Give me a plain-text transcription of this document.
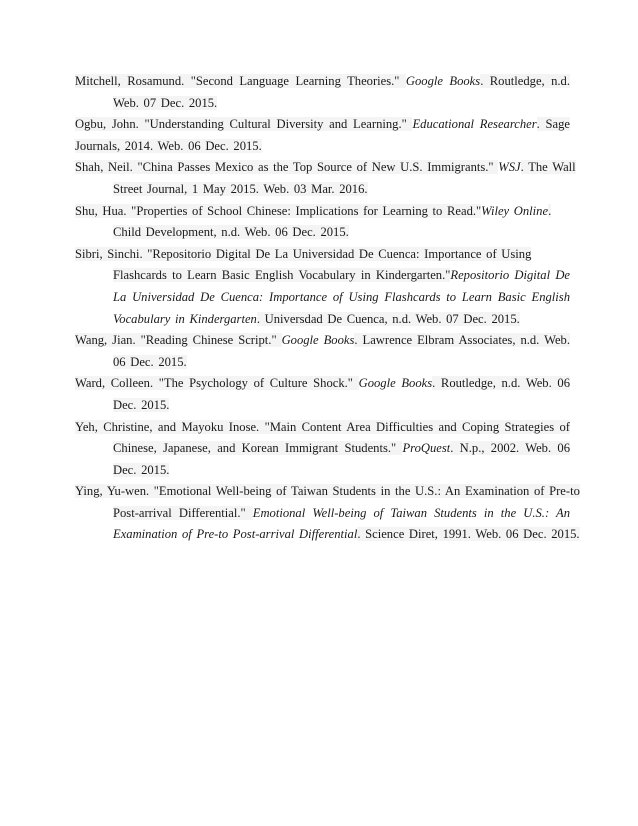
Mitchell, Rosamund. "Second Language Learning Theories." Google Books. Routledge, n.d.
Web. 07 Dec. 2015.
Ogbu, John. "Understanding Cultural Diversity and Learning." Educational Researcher. Sage
Journals, 2014. Web. 06 Dec. 2015.
Shah, Neil. "China Passes Mexico as the Top Source of New U.S. Immigrants." WSJ. The Wall
Street Journal, 1 May 2015. Web. 03 Mar. 2016.
Shu, Hua. "Properties of School Chinese: Implications for Learning to Read."Wiley Online.
Child Development, n.d. Web. 06 Dec. 2015.
Sibri, Sinchi. "Repositorio Digital De La Universidad De Cuenca: Importance of Using
Flashcards to Learn Basic English Vocabulary in Kindergarten."Repositorio Digital De
La Universidad De Cuenca: Importance of Using Flashcards to Learn Basic English
Vocabulary in Kindergarten. Universdad De Cuenca, n.d. Web. 07 Dec. 2015.
Wang, Jian. "Reading Chinese Script." Google Books. Lawrence Elbram Associates, n.d. Web.
06 Dec. 2015.
Ward, Colleen. "The Psychology of Culture Shock." Google Books. Routledge, n.d. Web. 06
Dec. 2015.
Yeh, Christine, and Mayoku Inose. "Main Content Area Difficulties and Coping Strategies of
Chinese, Japanese, and Korean Immigrant Students." ProQuest. N.p., 2002. Web. 06
Dec. 2015.
Ying, Yu-wen. "Emotional Well-being of Taiwan Students in the U.S.: An Examination of Pre-to
Post-arrival Differential." Emotional Well-being of Taiwan Students in the U.S.: An
Examination of Pre-to Post-arrival Differential. Science Diret, 1991. Web. 06 Dec. 2015.
